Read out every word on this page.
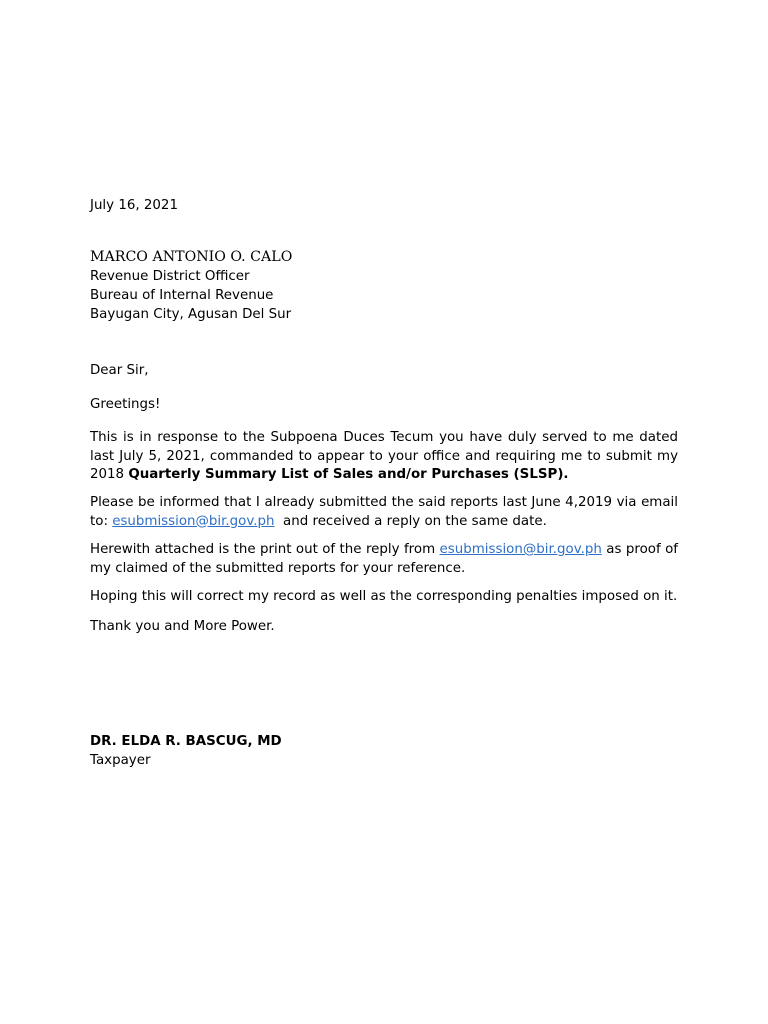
July 16, 2021
MARCO ANTONIO O. CALO
Revenue District Officer
Bureau of Internal Revenue
Bayugan City, Agusan Del Sur
Dear Sir,
Greetings!
This is in response to the Subpoena Duces Tecum you have duly served to me dated last July 5, 2021, commanded to appear to your office and requiring me to submit my 2018 Quarterly Summary List of Sales and/or Purchases (SLSP).
Please be informed that I already submitted the said reports last June 4,2019 via email to: esubmission@bir.gov.ph  and received a reply on the same date.
Herewith attached is the print out of the reply from esubmission@bir.gov.ph as proof of my claimed of the submitted reports for your reference.
Hoping this will correct my record as well as the corresponding penalties imposed on it.
Thank you and More Power.
DR. ELDA R. BASCUG, MD
Taxpayer
